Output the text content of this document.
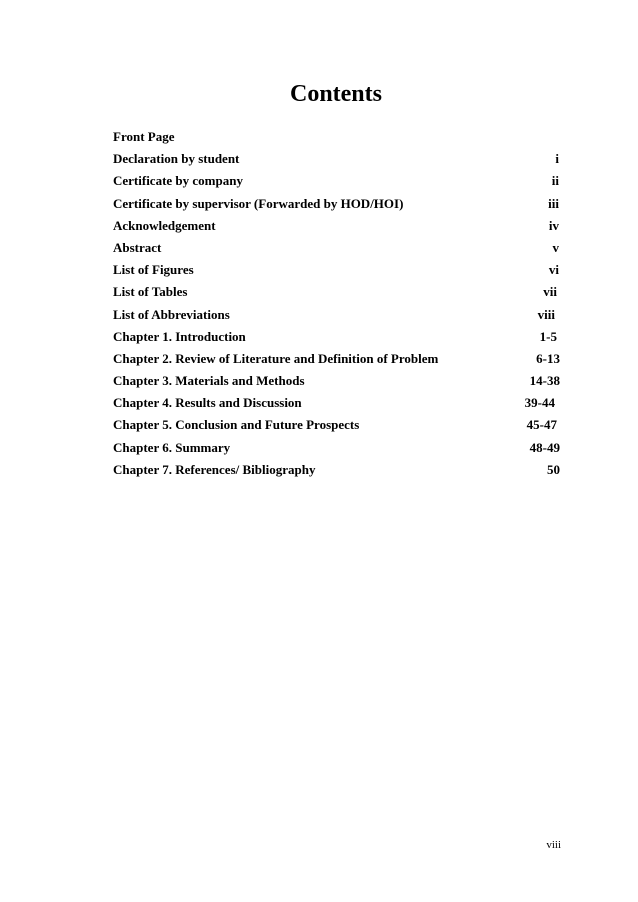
Contents
Front Page
Declaration by student	i
Certificate by company	ii
Certificate by supervisor (Forwarded by HOD/HOI)	iii
Acknowledgement	iv
Abstract	v
List of Figures	vi
List of Tables	vii
List of Abbreviations	viii
Chapter 1. Introduction	1-5
Chapter 2. Review of Literature and Definition of Problem	6-13
Chapter 3. Materials and Methods	14-38
Chapter 4. Results and Discussion	39-44
Chapter 5. Conclusion and Future Prospects	45-47
Chapter 6. Summary	48-49
Chapter 7. References/ Bibliography	50

viii
